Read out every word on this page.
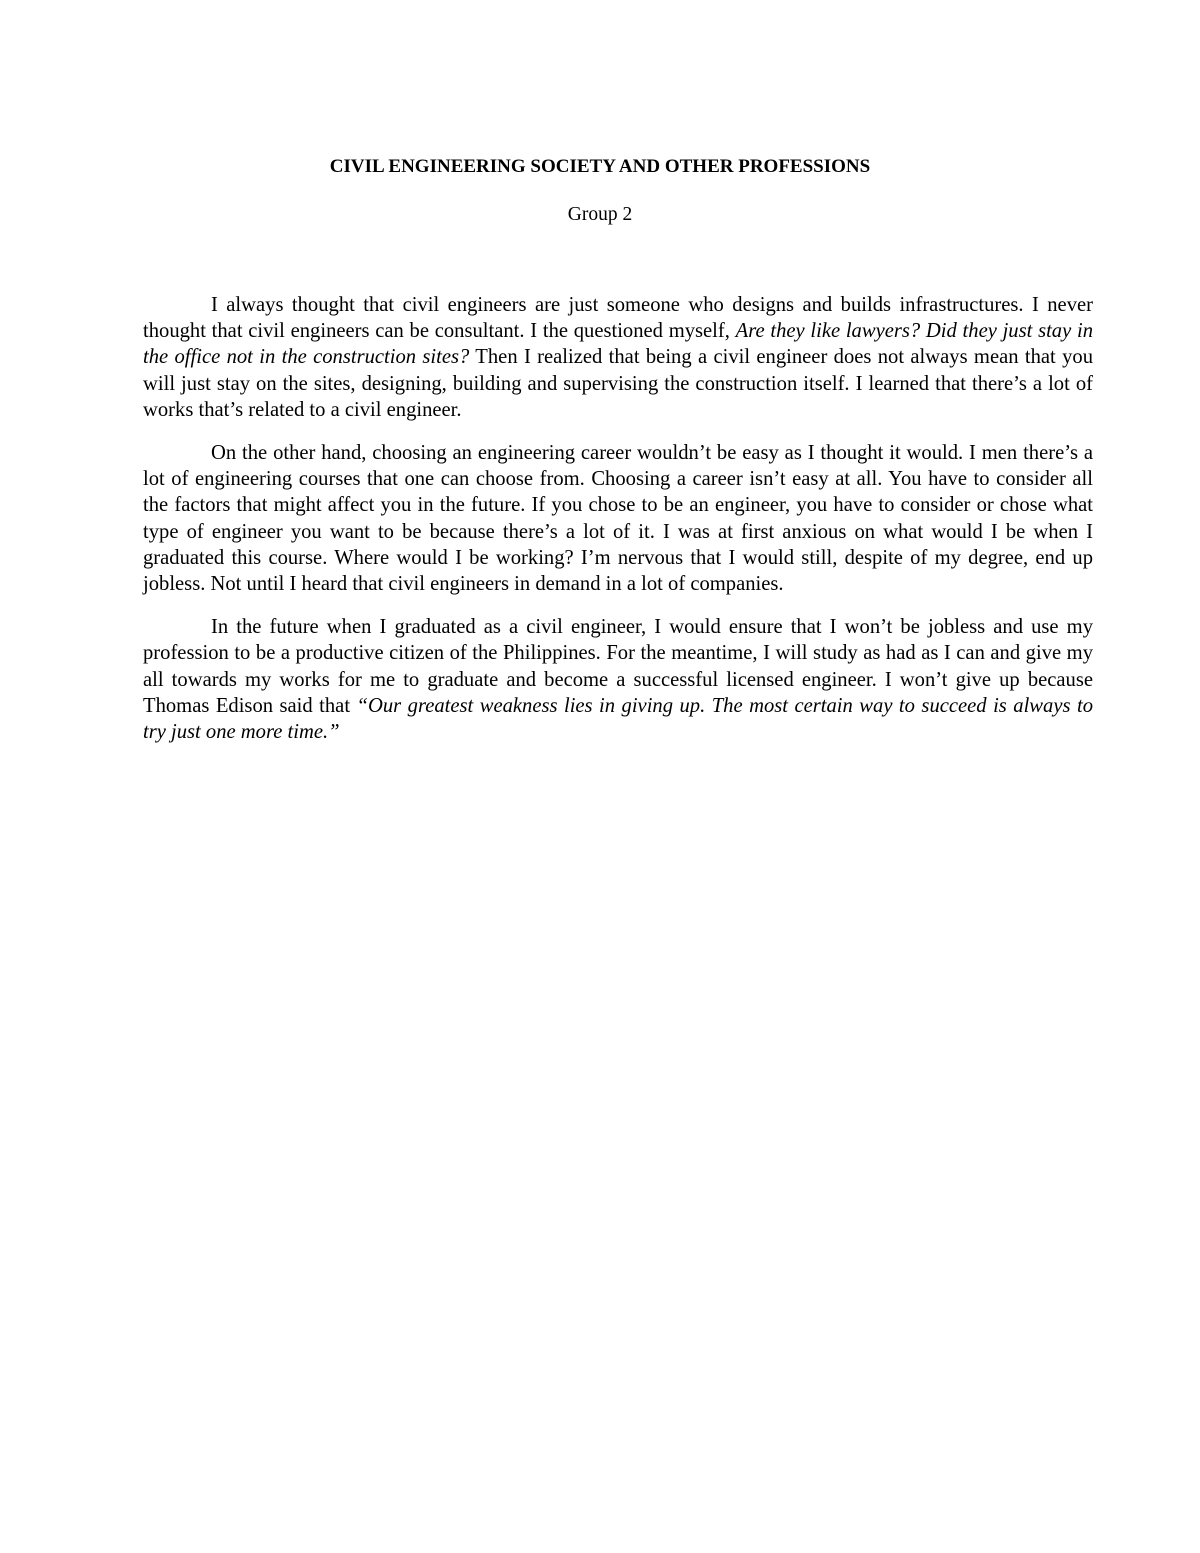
CIVIL ENGINEERING SOCIETY AND OTHER PROFESSIONS

Group 2

I always thought that civil engineers are just someone who designs and builds infrastructures. I never thought that civil engineers can be consultant. I the questioned myself, Are they like lawyers? Did they just stay in the office not in the construction sites? Then I realized that being a civil engineer does not always mean that you will just stay on the sites, designing, building and supervising the construction itself. I learned that there’s a lot of works that’s related to a civil engineer.

On the other hand, choosing an engineering career wouldn’t be easy as I thought it would. I men there’s a lot of engineering courses that one can choose from. Choosing a career isn’t easy at all. You have to consider all the factors that might affect you in the future. If you chose to be an engineer, you have to consider or chose what type of engineer you want to be because there’s a lot of it. I was at first anxious on what would I be when I graduated this course. Where would I be working? I’m nervous that I would still, despite of my degree, end up jobless. Not until I heard that civil engineers in demand in a lot of companies.

In the future when I graduated as a civil engineer, I would ensure that I won’t be jobless and use my profession to be a productive citizen of the Philippines. For the meantime, I will study as had as I can and give my all towards my works for me to graduate and become a successful licensed engineer. I won’t give up because Thomas Edison said that “Our greatest weakness lies in giving up. The most certain way to succeed is always to try just one more time.”
